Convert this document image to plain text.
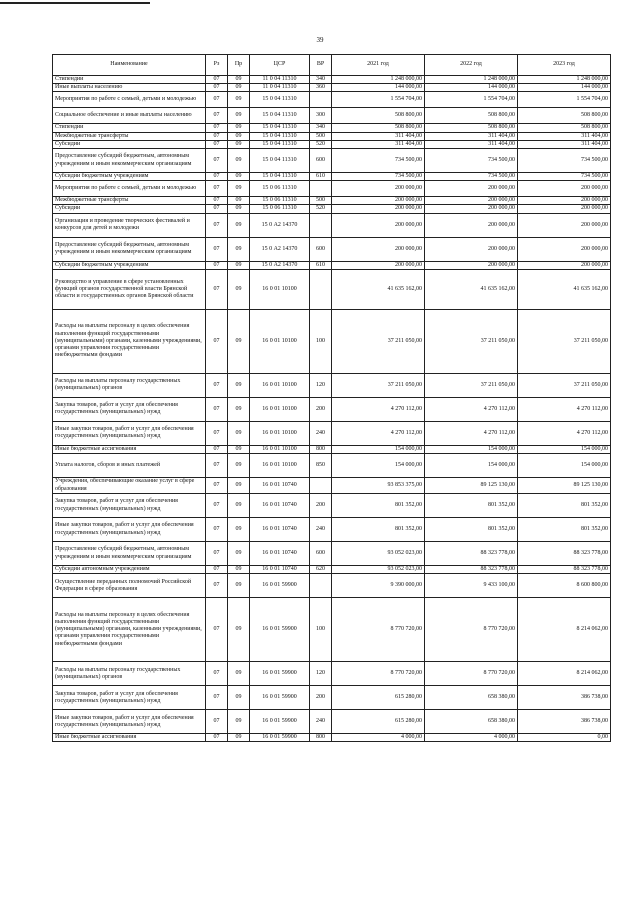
39
Наименование	Рз	Пр	ЦСР	ВР	2021 год	2022 год	2023 год
Стипендии	07	09	11 0 04 11310	340	1 248 000,00	1 248 000,00	1 248 000,00
Иные выплаты населению	07	09	11 0 04 11310	360	144 000,00	144 000,00	144 000,00
Мероприятия по работе с семьей, детьми и молодежью	07	09	15 0 04 11310		1 554 704,00	1 554 704,00	1 554 704,00
Социальное обеспечение и иные выплаты населению	07	09	15 0 04 11310	300	508 800,00	508 800,00	508 800,00
Стипендии	07	09	15 0 04 11310	340	508 800,00	508 800,00	508 800,00
Межбюджетные трансферты	07	09	15 0 04 11310	500	311 404,00	311 404,00	311 404,00
Субсидии	07	09	15 0 04 11310	520	311 404,00	311 404,00	311 404,00
Предоставление субсидий бюджетным, автономным учреждениям и иным некоммерческим организациям	07	09	15 0 04 11310	600	734 500,00	734 500,00	734 500,00
Субсидии бюджетным учреждениям	07	09	15 0 04 11310	610	734 500,00	734 500,00	734 500,00
Мероприятия по работе с семьей, детьми и молодежью	07	09	15 0 06 11310		200 000,00	200 000,00	200 000,00
Межбюджетные трансферты	07	09	15 0 06 11310	500	200 000,00	200 000,00	200 000,00
Субсидии	07	09	15 0 06 11310	520	200 000,00	200 000,00	200 000,00
Организация и проведение творческих фестивалей и конкурсов для детей и молодежи	07	09	15 0 А2 14370		200 000,00	200 000,00	200 000,00
Предоставление субсидий бюджетным, автономным учреждениям и иным некоммерческим организациям	07	09	15 0 А2 14370	600	200 000,00	200 000,00	200 000,00
Субсидии бюджетным учреждениям	07	09	15 0 А2 14370	610	200 000,00	200 000,00	200 000,00
Руководство и управление в сфере установленных функций органов государственной власти Брянской области и государственных органов Брянской области	07	09	16 0 01 10100		41 635 162,00	41 635 162,00	41 635 162,00
Расходы на выплаты персоналу в целях обеспечения выполнения функций государственными (муниципальными) органами, казенными учреждениями, органами управления государственными внебюджетными фондами	07	09	16 0 01 10100	100	37 211 050,00	37 211 050,00	37 211 050,00
Расходы на выплаты персоналу государственных (муниципальных) органов	07	09	16 0 01 10100	120	37 211 050,00	37 211 050,00	37 211 050,00
Закупка товаров, работ и услуг для обеспечения государственных (муниципальных) нужд	07	09	16 0 01 10100	200	4 270 112,00	4 270 112,00	4 270 112,00
Иные закупки товаров, работ и услуг для обеспечения государственных (муниципальных) нужд	07	09	16 0 01 10100	240	4 270 112,00	4 270 112,00	4 270 112,00
Иные бюджетные ассигнования	07	09	16 0 01 10100	800	154 000,00	154 000,00	154 000,00
Уплата налогов, сборов и иных платежей	07	09	16 0 01 10100	850	154 000,00	154 000,00	154 000,00
Учреждения, обеспечивающие оказание услуг в сфере образования	07	09	16 0 01 10740		93 853 375,00	89 125 130,00	89 125 130,00
Закупка товаров, работ и услуг для обеспечения государственных (муниципальных) нужд	07	09	16 0 01 10740	200	801 352,00	801 352,00	801 352,00
Иные закупки товаров, работ и услуг для обеспечения государственных (муниципальных) нужд	07	09	16 0 01 10740	240	801 352,00	801 352,00	801 352,00
Предоставление субсидий бюджетным, автономным учреждениям и иным некоммерческим организациям	07	09	16 0 01 10740	600	93 052 023,00	88 323 778,00	88 323 778,00
Субсидии автономным учреждениям	07	09	16 0 01 10740	620	93 052 023,00	88 323 778,00	88 323 778,00
Осуществление переданных полномочий Российской Федерации в сфере образования	07	09	16 0 01 59900		9 390 000,00	9 433 100,00	8 600 800,00
Расходы на выплаты персоналу в целях обеспечения выполнения функций государственными (муниципальными) органами, казенными учреждениями, органами управления государственными внебюджетными фондами	07	09	16 0 01 59900	100	8 770 720,00	8 770 720,00	8 214 062,00
Расходы на выплаты персоналу государственных (муниципальных) органов	07	09	16 0 01 59900	120	8 770 720,00	8 770 720,00	8 214 062,00
Закупка товаров, работ и услуг для обеспечения государственных (муниципальных) нужд	07	09	16 0 01 59900	200	615 280,00	658 380,00	386 738,00
Иные закупки товаров, работ и услуг для обеспечения государственных (муниципальных) нужд	07	09	16 0 01 59900	240	615 280,00	658 380,00	386 738,00
Иные бюджетные ассигнования	07	09	16 0 01 59900	800	4 000,00	4 000,00	0,00
